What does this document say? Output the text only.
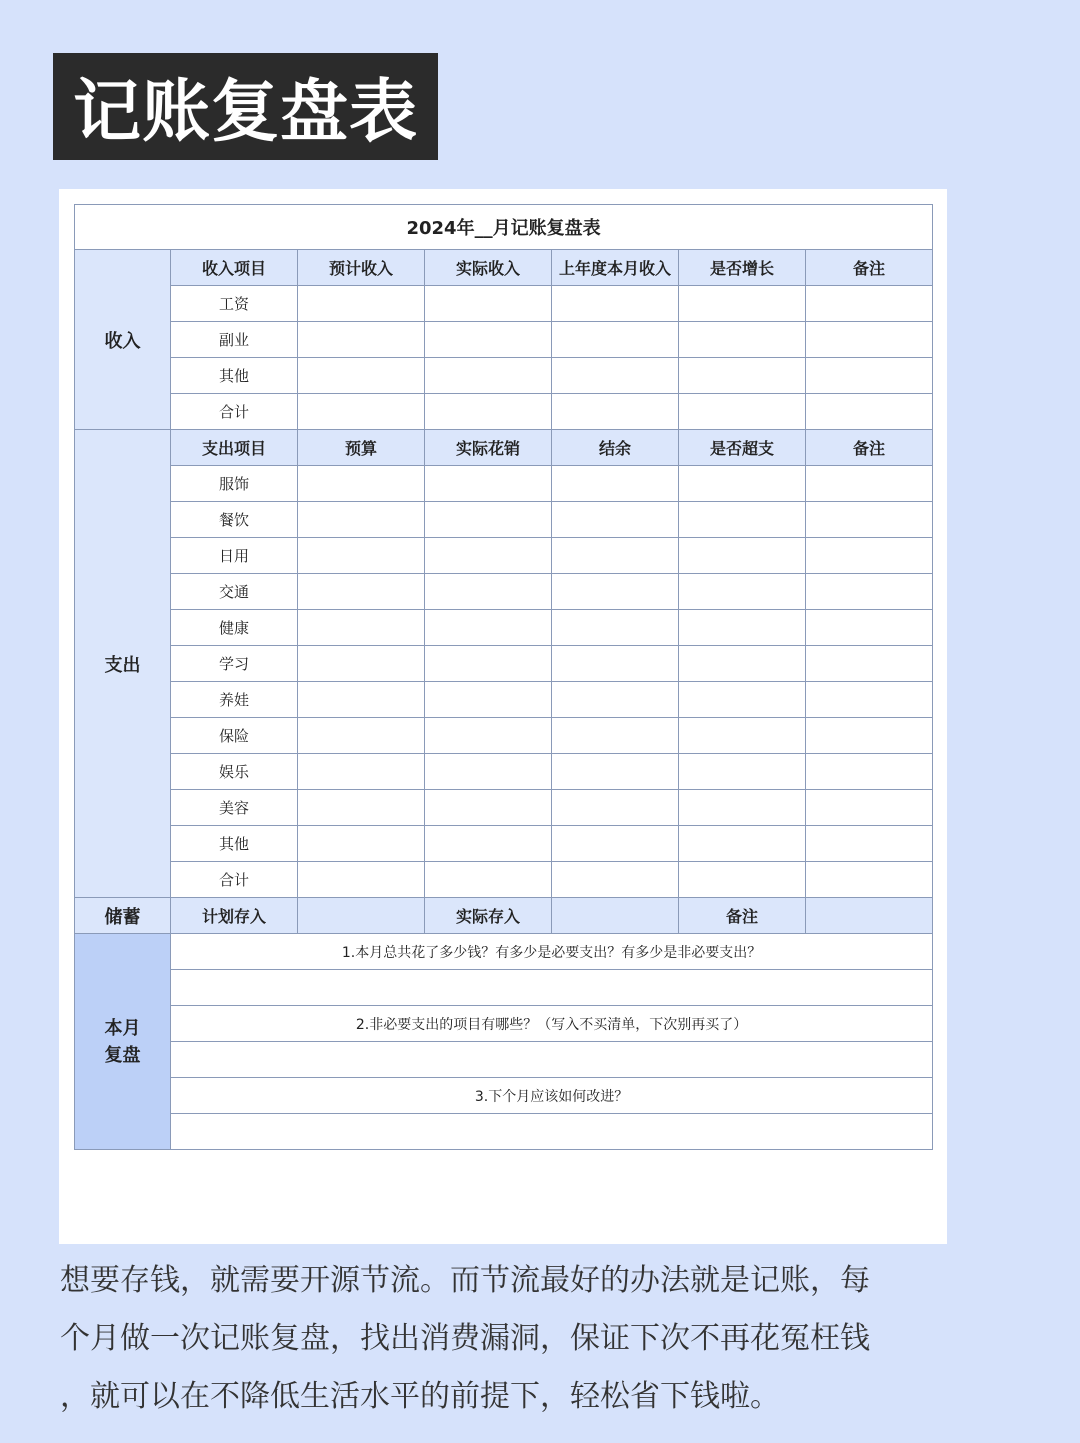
记账复盘表
2024年__月记账复盘表						
收入	收入项目	预计收入	实际收入	上年度本月收入	是否增长	备注
	工资					
	副业					
	其他					
	合计					
支出	支出项目	预算	实际花销	结余	是否超支	备注
	服饰					
	餐饮					
	日用					
	交通					
	健康					
	学习					
	养娃					
	保险					
	娱乐					
	美容					
	其他					
	合计					
储蓄	计划存入		实际存入		备注	

本月
复盘	1.本月总共花了多少钱？有多少是必要支出？有多少是非必要支出？					

	2.非必要支出的项目有哪些？（写入不买清单，下次别再买了）					

	3.下个月应该如何改进？					

想要存钱，就需要开源节流。而节流最好的办法就是记账，每
个月做一次记账复盘，找出消费漏洞，保证下次不再花冤枉钱
，就可以在不降低生活水平的前提下，轻松省下钱啦。
